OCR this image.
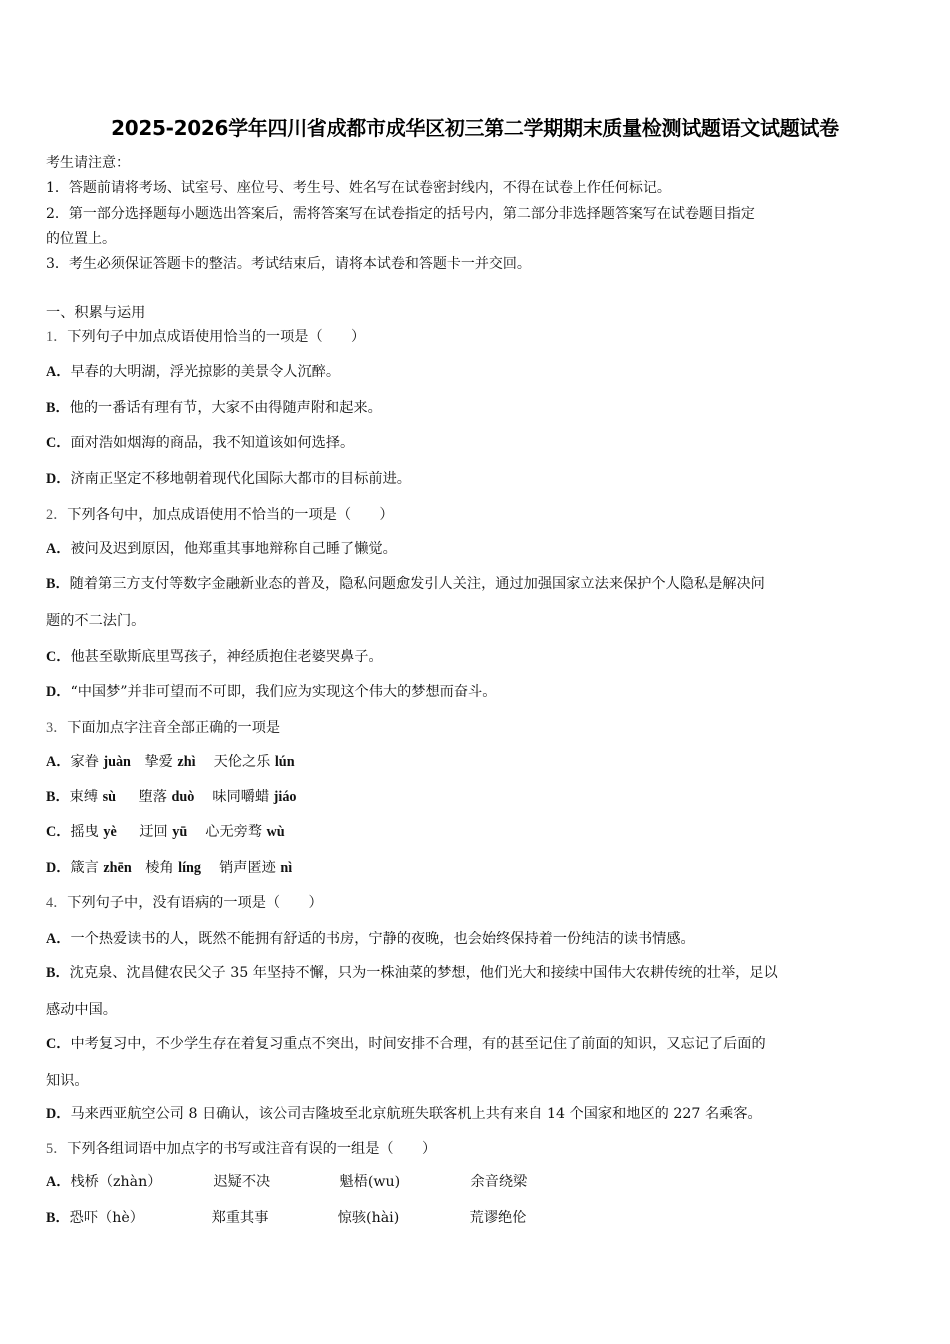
2025-2026学年四川省成都市成华区初三第二学期期末质量检测试题语文试题试卷
考生请注意：
1．答题前请将考场、试室号、座位号、考生号、姓名写在试卷密封线内，不得在试卷上作任何标记。
2．第一部分选择题每小题选出答案后，需将答案写在试卷指定的括号内，第二部分非选择题答案写在试卷题目指定
的位置上。
3．考生必须保证答题卡的整洁。考试结束后，请将本试卷和答题卡一并交回。
一、积累与运用
1．下列句子中加点成语使用恰当的一项是（　　）
A．早春的大明湖，浮光掠影的美景令人沉醉。
B．他的一番话有理有节，大家不由得随声附和起来。
C．面对浩如烟海的商品，我不知道该如何选择。
D．济南正坚定不移地朝着现代化国际大都市的目标前进。
2．下列各句中，加点成语使用不恰当的一项是（　　）
A．被问及迟到原因，他郑重其事地辩称自己睡了懒觉。
B．随着第三方支付等数字金融新业态的普及，隐私问题愈发引人关注，通过加强国家立法来保护个人隐私是解决问
题的不二法门。
C．他甚至歇斯底里骂孩子，神经质抱住老婆哭鼻子。
D．“中国梦”并非可望而不可即，我们应为实现这个伟大的梦想而奋斗。
3．下面加点字注音全部正确的一项是
A．家眷 juàn 挚爱 zhì 天伦之乐 lún
B．束缚 sù 堕落 duò 味同嚼蜡 jiáo
C．摇曳 yè 迂回 yū 心无旁骛 wù
D．箴言 zhēn 棱角 líng 销声匿迹 nì
4．下列句子中，没有语病的一项是（　　）
A．一个热爱读书的人，既然不能拥有舒适的书房，宁静的夜晚，也会始终保持着一份纯洁的读书情感。
B．沈克泉、沈昌健农民父子 35 年坚持不懈，只为一株油菜的梦想，他们光大和接续中国伟大农耕传统的壮举，足以
感动中国。
C．中考复习中，不少学生存在着复习重点不突出，时间安排不合理，有的甚至记住了前面的知识，又忘记了后面的
知识。
D．马来西亚航空公司 8 日确认，该公司吉隆坡至北京航班失联客机上共有来自 14 个国家和地区的 227 名乘客。
5．下列各组词语中加点字的书写或注音有误的一组是（　　）
A．栈桥（zhàn）	迟疑不决	魁梧(wu)	余音绕梁
B．恐吓（hè）	郑重其事	惊骇(hài)	荒谬绝伦
